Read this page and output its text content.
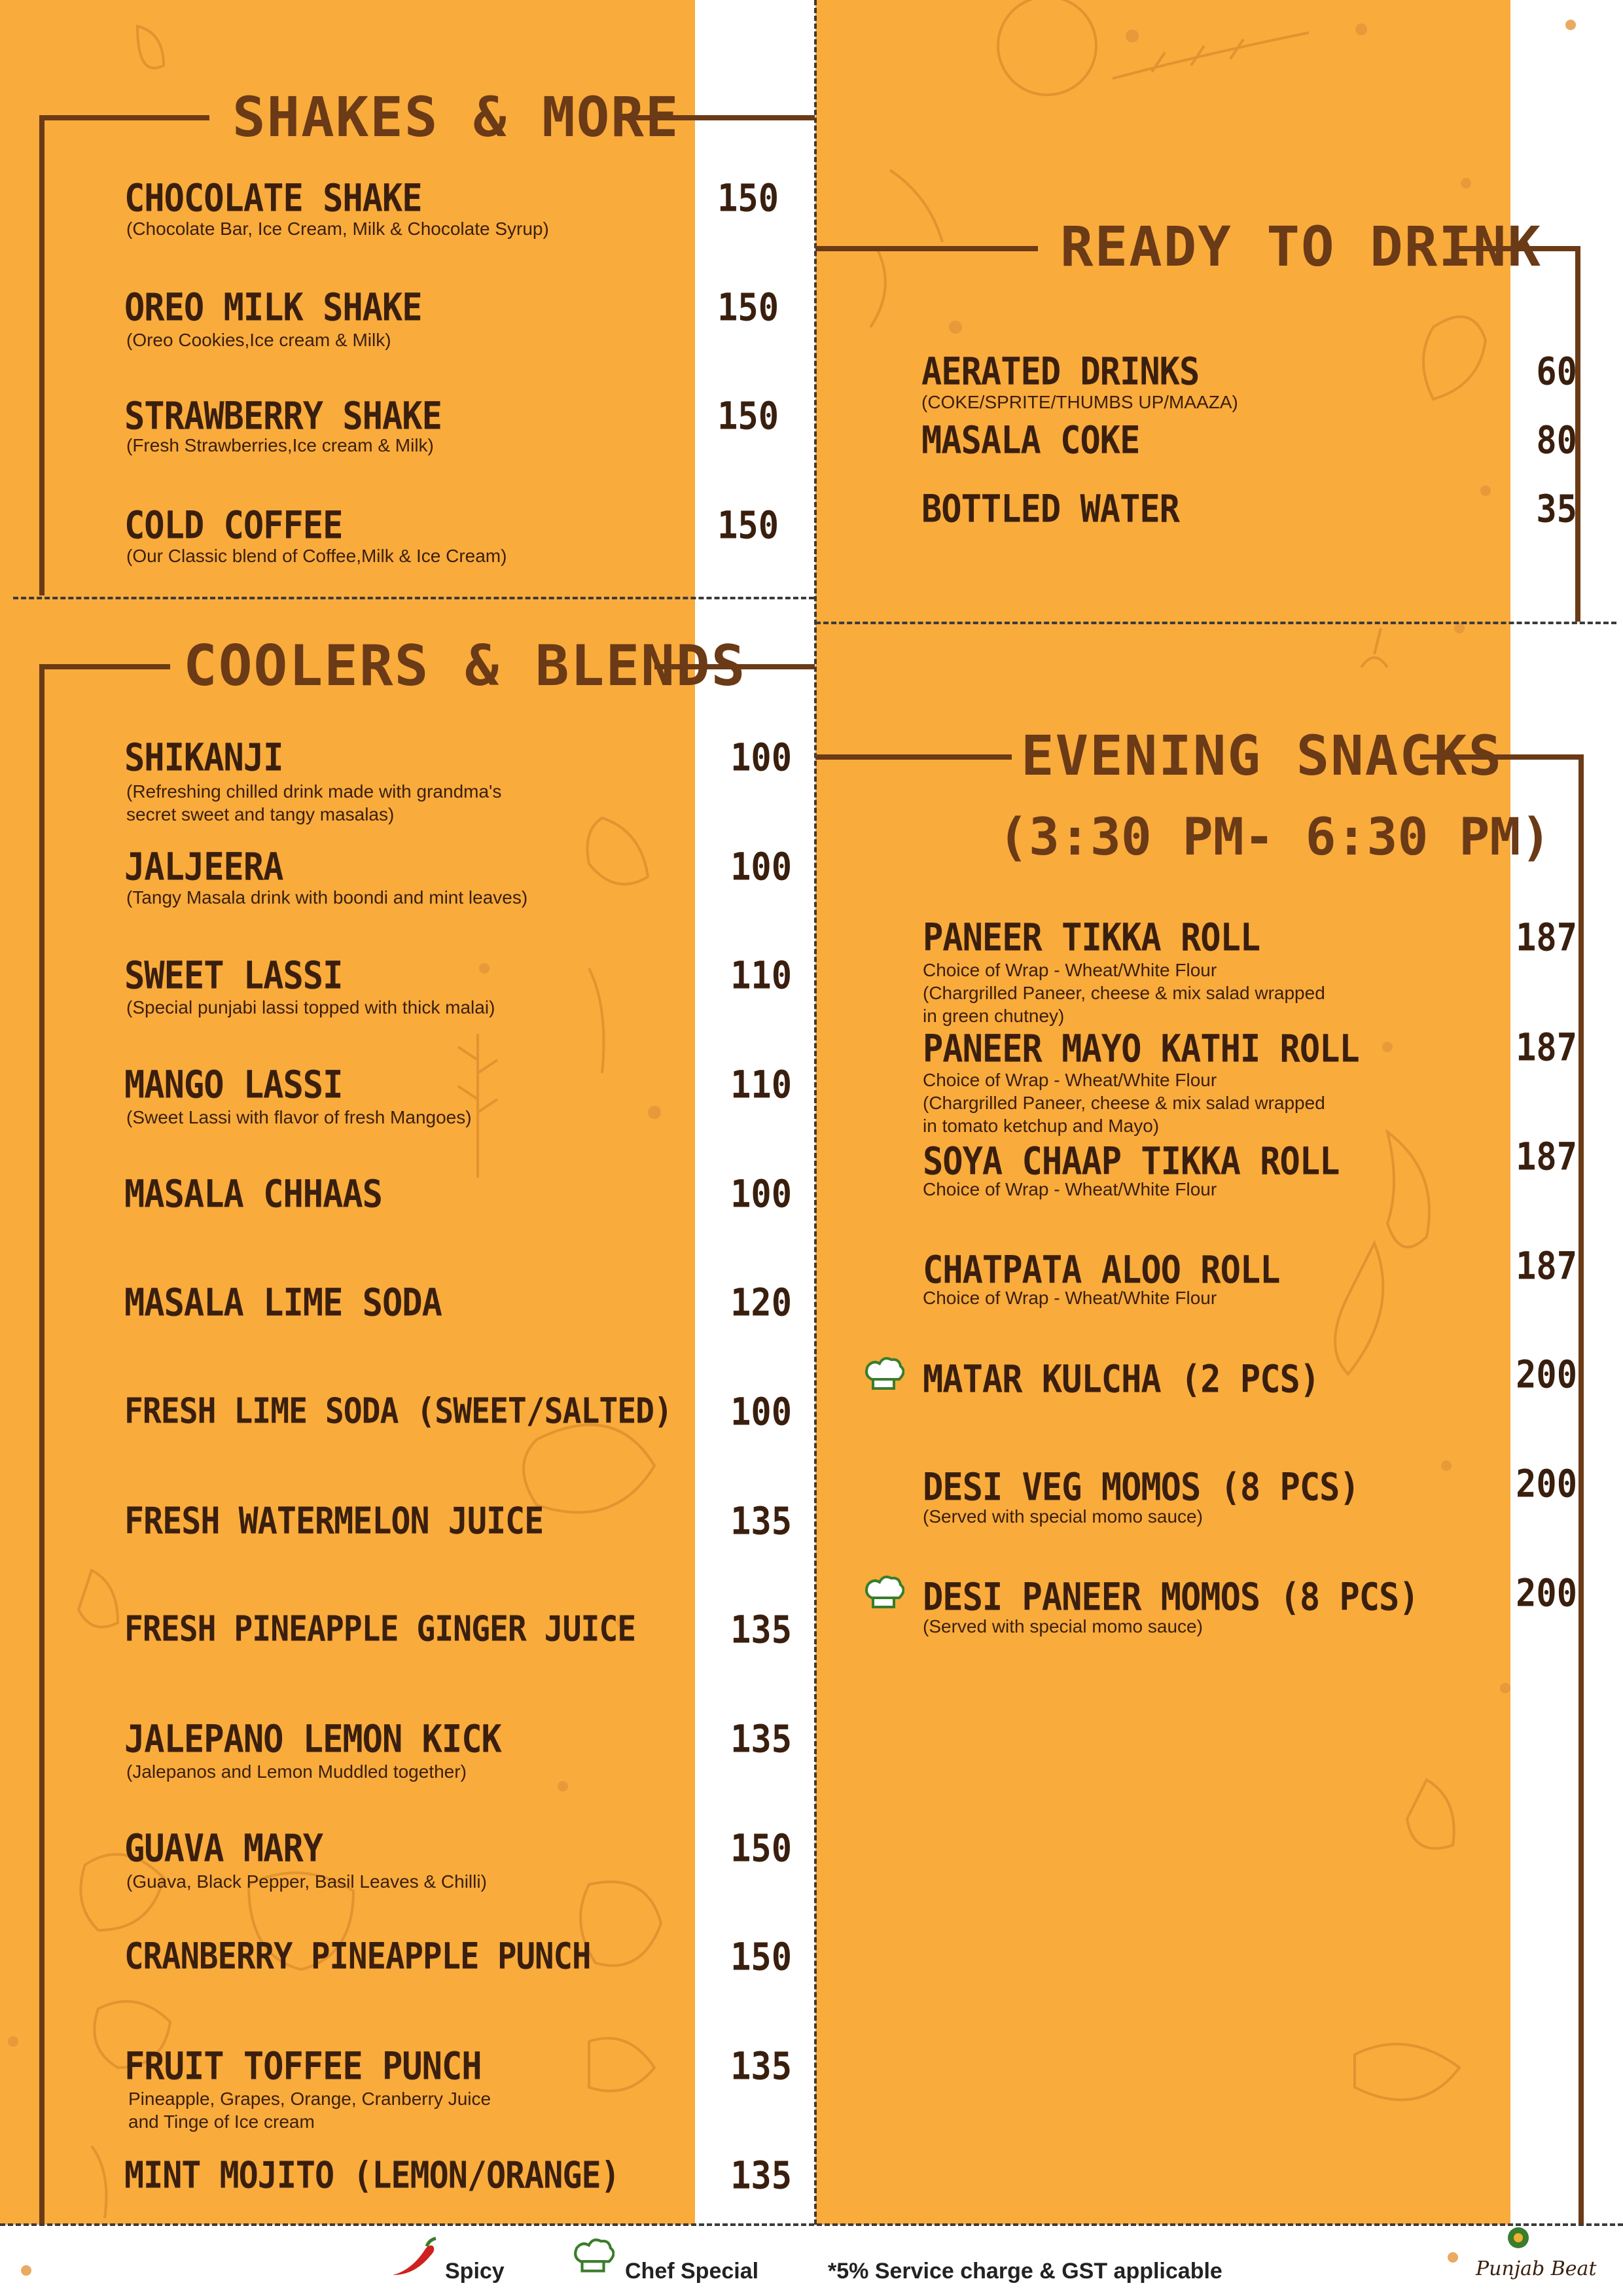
SHAKES & MORE
CHOCOLATE SHAKE
(Chocolate Bar, Ice Cream, Milk & Chocolate Syrup)
150
OREO MILK SHAKE
(Oreo Cookies,Ice cream & Milk)
150
STRAWBERRY SHAKE
(Fresh Strawberries,Ice cream & Milk)
150
COLD COFFEE
(Our Classic blend of Coffee,Milk & Ice Cream)
150
COOLERS & BLENDS
SHIKANJI
(Refreshing chilled drink made with grandma's
secret sweet and tangy masalas)
100
JALJEERA
(Tangy Masala drink with boondi and mint leaves)
100
SWEET LASSI
(Special punjabi lassi topped with thick malai)
110
MANGO LASSI
(Sweet Lassi with flavor of fresh Mangoes)
110
MASALA CHHAAS	100
MASALA LIME SODA	120
FRESH LIME SODA (SWEET/SALTED)	100
FRESH WATERMELON JUICE	135
FRESH PINEAPPLE GINGER JUICE	135
JALEPANO LEMON KICK
(Jalepanos and Lemon Muddled together)
135
GUAVA MARY
(Guava, Black Pepper, Basil Leaves & Chilli)
150
CRANBERRY PINEAPPLE PUNCH	150
FRUIT TOFFEE PUNCH
Pineapple, Grapes, Orange, Cranberry Juice
and Tinge of Ice cream
135
MINT MOJITO (LEMON/ORANGE)	135
READY TO DRINK
AERATED DRINKS
(COKE/SPRITE/THUMBS UP/MAAZA)
60
MASALA COKE	80
BOTTLED WATER	35
EVENING SNACKS
(3:30 PM- 6:30 PM)
PANEER TIKKA ROLL
Choice of Wrap - Wheat/White Flour
(Chargrilled Paneer, cheese & mix salad wrapped
in green chutney)
187
PANEER MAYO KATHI ROLL
Choice of Wrap - Wheat/White Flour
(Chargrilled Paneer, cheese & mix salad wrapped
in tomato ketchup and Mayo)
187
SOYA CHAAP TIKKA ROLL
Choice of Wrap - Wheat/White Flour
187
CHATPATA ALOO ROLL
Choice of Wrap - Wheat/White Flour
187
MATAR KULCHA (2 PCS)	200
DESI VEG MOMOS (8 PCS)
(Served with special momo sauce)
200
DESI PANEER MOMOS (8 PCS)
(Served with special momo sauce)
200
Spicy	Chef Special	*5% Service charge & GST applicable	Punjab Beat
